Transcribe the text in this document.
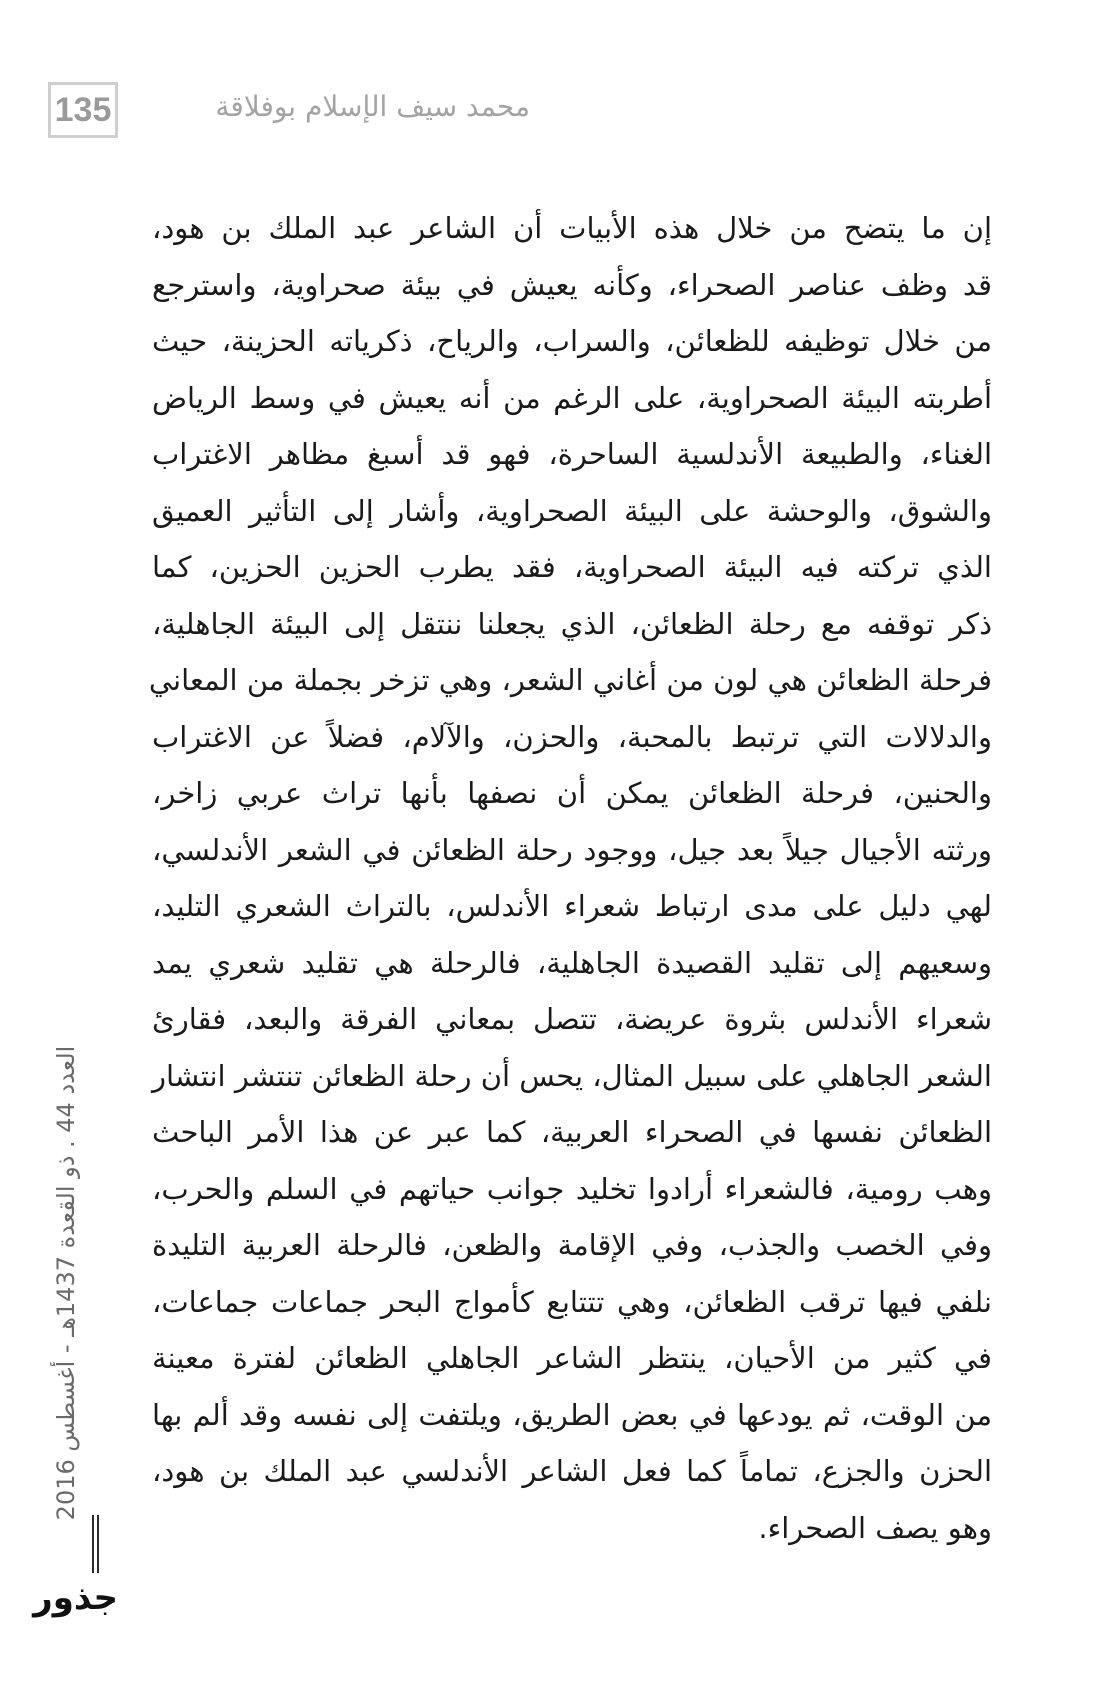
135	محمد سيف الإسلام بوفلاقة
إن ما يتضح من خلال هذه الأبيات أن الشاعر عبد الملك بن هود،
قد وظف عناصر الصحراء، وكأنه يعيش في بيئة صحراوية، واسترجع
من خلال توظيفه للظعائن، والسراب، والرياح، ذكرياته الحزينة، حيث
أطربته البيئة الصحراوية، على الرغم من أنه يعيش في وسط الرياض
الغناء، والطبيعة الأندلسية الساحرة، فهو قد أسبغ مظاهر الاغتراب
والشوق، والوحشة على البيئة الصحراوية، وأشار إلى التأثير العميق
الذي تركته فيه البيئة الصحراوية، فقد يطرب الحزين الحزين، كما
ذكر توقفه مع رحلة الظعائن، الذي يجعلنا ننتقل إلى البيئة الجاهلية،
فرحلة الظعائن هي لون من أغاني الشعر، وهي تزخر بجملة من المعاني
والدلالات التي ترتبط بالمحبة، والحزن، والآلام، فضلاً عن الاغتراب
والحنين، فرحلة الظعائن يمكن أن نصفها بأنها تراث عربي زاخر،
ورثته الأجيال جيلاً بعد جيل، ووجود رحلة الظعائن في الشعر الأندلسي،
لهي دليل على مدى ارتباط شعراء الأندلس، بالتراث الشعري التليد،
وسعيهم إلى تقليد القصيدة الجاهلية، فالرحلة هي تقليد شعري يمد
شعراء الأندلس بثروة عريضة، تتصل بمعاني الفرقة والبعد، فقارئ
الشعر الجاهلي على سبيل المثال، يحس أن رحلة الظعائن تنتشر انتشار
الظعائن نفسها في الصحراء العربية، كما عبر عن هذا الأمر الباحث
وهب رومية، فالشعراء أرادوا تخليد جوانب حياتهم في السلم والحرب،
وفي الخصب والجذب، وفي الإقامة والظعن، فالرحلة العربية التليدة
نلفي فيها ترقب الظعائن، وهي تتتابع كأمواج البحر جماعات جماعات،
في كثير من الأحيان، ينتظر الشاعر الجاهلي الظعائن لفترة معينة
من الوقت، ثم يودعها في بعض الطريق، ويلتفت إلى نفسه وقد ألم بها
الحزن والجزع، تماماً كما فعل الشاعر الأندلسي عبد الملك بن هود،
وهو يصف الصحراء.
العدد 44 . ذو القعدة 1437هـ - أغسطس 2016
جذور
